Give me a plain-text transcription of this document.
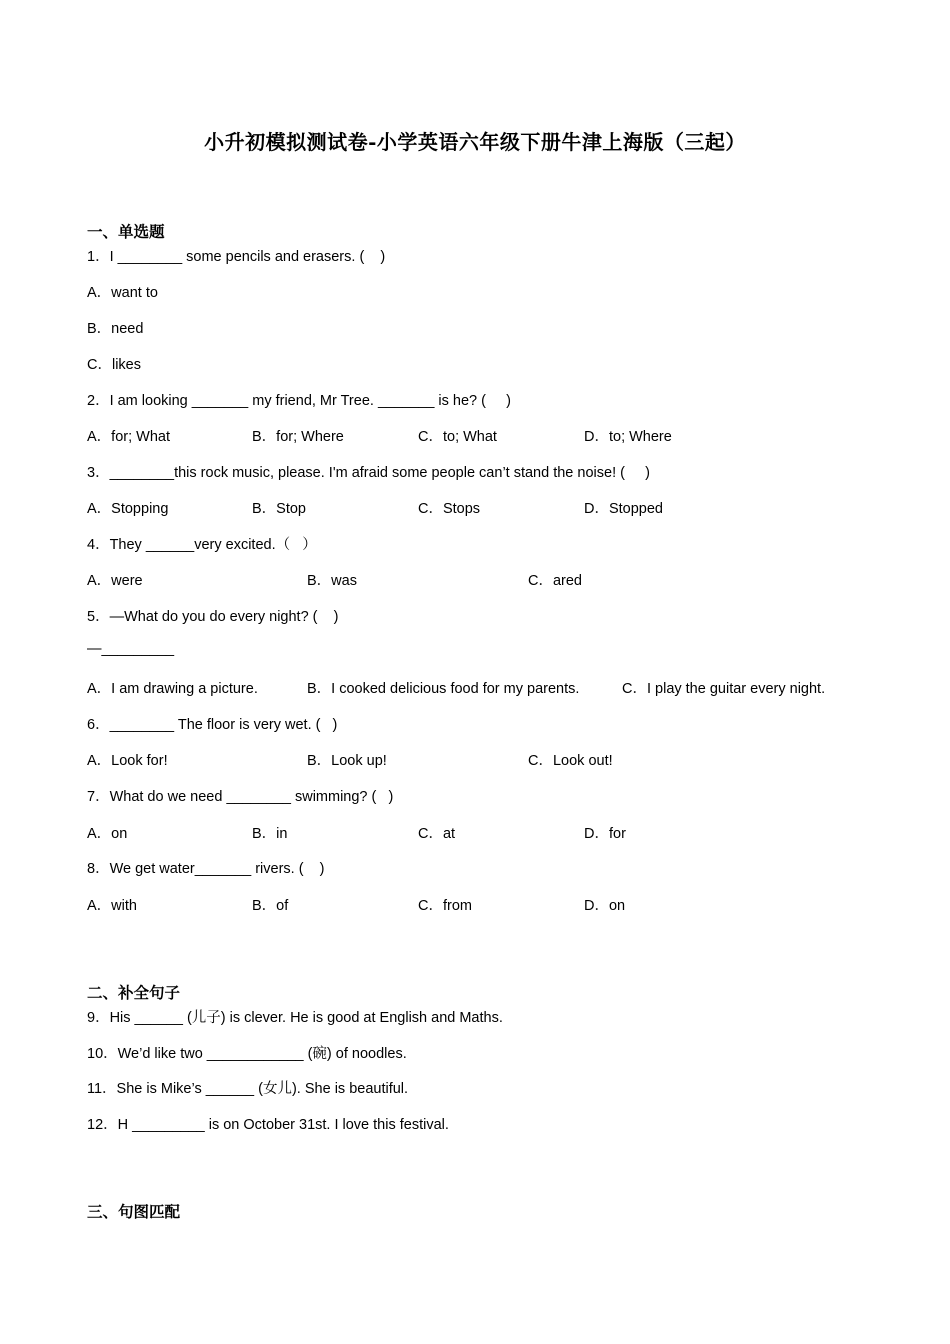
小升初模拟测试卷-小学英语六年级下册牛津上海版（三起）
一、单选题
1．I ________ some pencils and erasers. (    )
A．want to
B．need
C．likes
2．I am looking _______ my friend, Mr Tree. _______ is he? (     )
A．for; What	B．for; Where	C．to; What	D．to; Where
3．________this rock music, please. I'm afraid some people can’t stand the noise! (     )
A．Stopping	B．Stop	C．Stops	D．Stopped
4．They ______very excited.（   ）
A．were	B．was	C．ared
5．—What do you do every night? (    )
—_________
A．I am drawing a picture.	B．I cooked delicious food for my parents.	C．I play the guitar every night.
6．________ The floor is very wet. (   )
A．Look for!	B．Look up!	C．Look out!
7．What do we need ________ swimming? (   )
A．on	B．in	C．at	D．for
8．We get water_______ rivers. (    )
A．with	B．of	C．from	D．on
二、补全句子
9．His ______ (儿子) is clever. He is good at English and Maths.
10．We’d like two ____________ (碗) of noodles.
11．She is Mike’s ______ (女儿). She is beautiful.
12．H _________ is on October 31st. I love this festival.
三、句图匹配
